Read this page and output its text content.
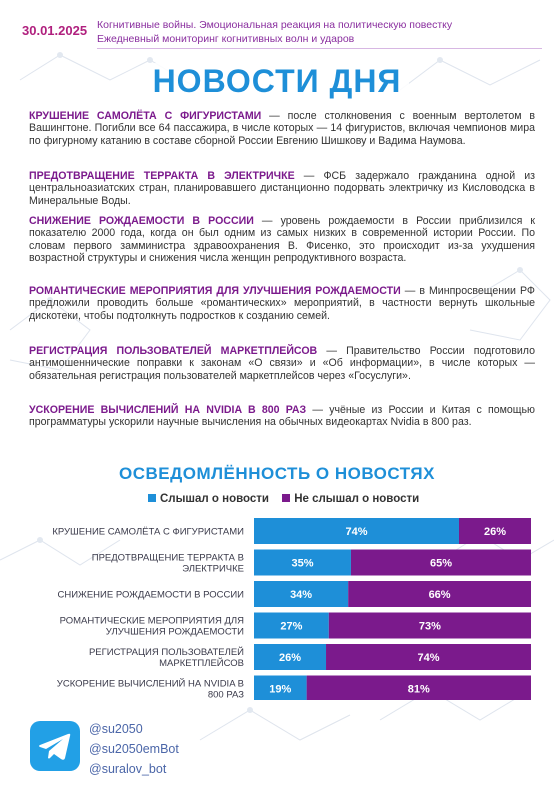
30.01.2025 Когнитивные войны. Эмоциональная реакция на политическую повестку
Ежедневный мониторинг когнитивных волн и ударов
НОВОСТИ ДНЯ
КРУШЕНИЕ САМОЛЁТА С ФИГУРИСТАМИ — после столкновения с военным вертолетом в Вашингтоне. Погибли все 64 пассажира, в числе которых — 14 фигуристов, включая чемпионов мира по фигурному катанию в составе сборной России Евгению Шишкову и Вадима Наумова.
ПРЕДОТВРАЩЕНИЕ ТЕРРАКТА В ЭЛЕКТРИЧКЕ — ФСБ задержало гражданина одной из центральноазиатских стран, планировавшего дистанционно подорвать электричку из Кисловодска в Минеральные Воды.
СНИЖЕНИЕ РОЖДАЕМОСТИ В РОССИИ — уровень рождаемости в России приблизился к показателю 2000 года, когда он был одним из самых низких в современной истории России. По словам первого замминистра здравоохранения В. Фисенко, это происходит из-за ухудшения возрастной структуры и снижения числа женщин репродуктивного возраста.
РОМАНТИЧЕСКИЕ МЕРОПРИЯТИЯ ДЛЯ УЛУЧШЕНИЯ РОЖДАЕМОСТИ — в Минпросвещении РФ предложили проводить больше «романтических» мероприятий, в частности вернуть школьные дискотеки, чтобы подтолкнуть подростков к созданию семей.
РЕГИСТРАЦИЯ ПОЛЬЗОВАТЕЛЕЙ МАРКЕТПЛЕЙСОВ — Правительство России подготовило антимошеннические поправки к законам «О связи» и «Об информации», в числе которых — обязательная регистрация пользователей маркетплейсов через «Госуслуги».
УСКОРЕНИЕ ВЫЧИСЛЕНИЙ НА NVIDIA В 800 РАЗ — учёные из России и Китая с помощью программатуры ускорили научные вычисления на обычных видеокартах Nvidia в 800 раз.
ОСВЕДОМЛЁННОСТЬ О НОВОСТЯХ
Слышал о новости Не слышал о новости
КРУШЕНИЕ САМОЛЁТА С ФИГУРИСТАМИ	74%	26%
ПРЕДОТВРАЩЕНИЕ ТЕРРАКТА В ЭЛЕКТРИЧКЕ	35%	65%
СНИЖЕНИЕ РОЖДАЕМОСТИ В РОССИИ	34%	66%
РОМАНТИЧЕСКИЕ МЕРОПРИЯТИЯ ДЛЯ УЛУЧШЕНИЯ РОЖДАЕМОСТИ	27%	73%
РЕГИСТРАЦИЯ ПОЛЬЗОВАТЕЛЕЙ МАРКЕТПЛЕЙСОВ	26%	74%
УСКОРЕНИЕ ВЫЧИСЛЕНИЙ НА NVIDIA В 800 РАЗ 19%	81%
@su2050
@su2050emBot
@suralov_bot
